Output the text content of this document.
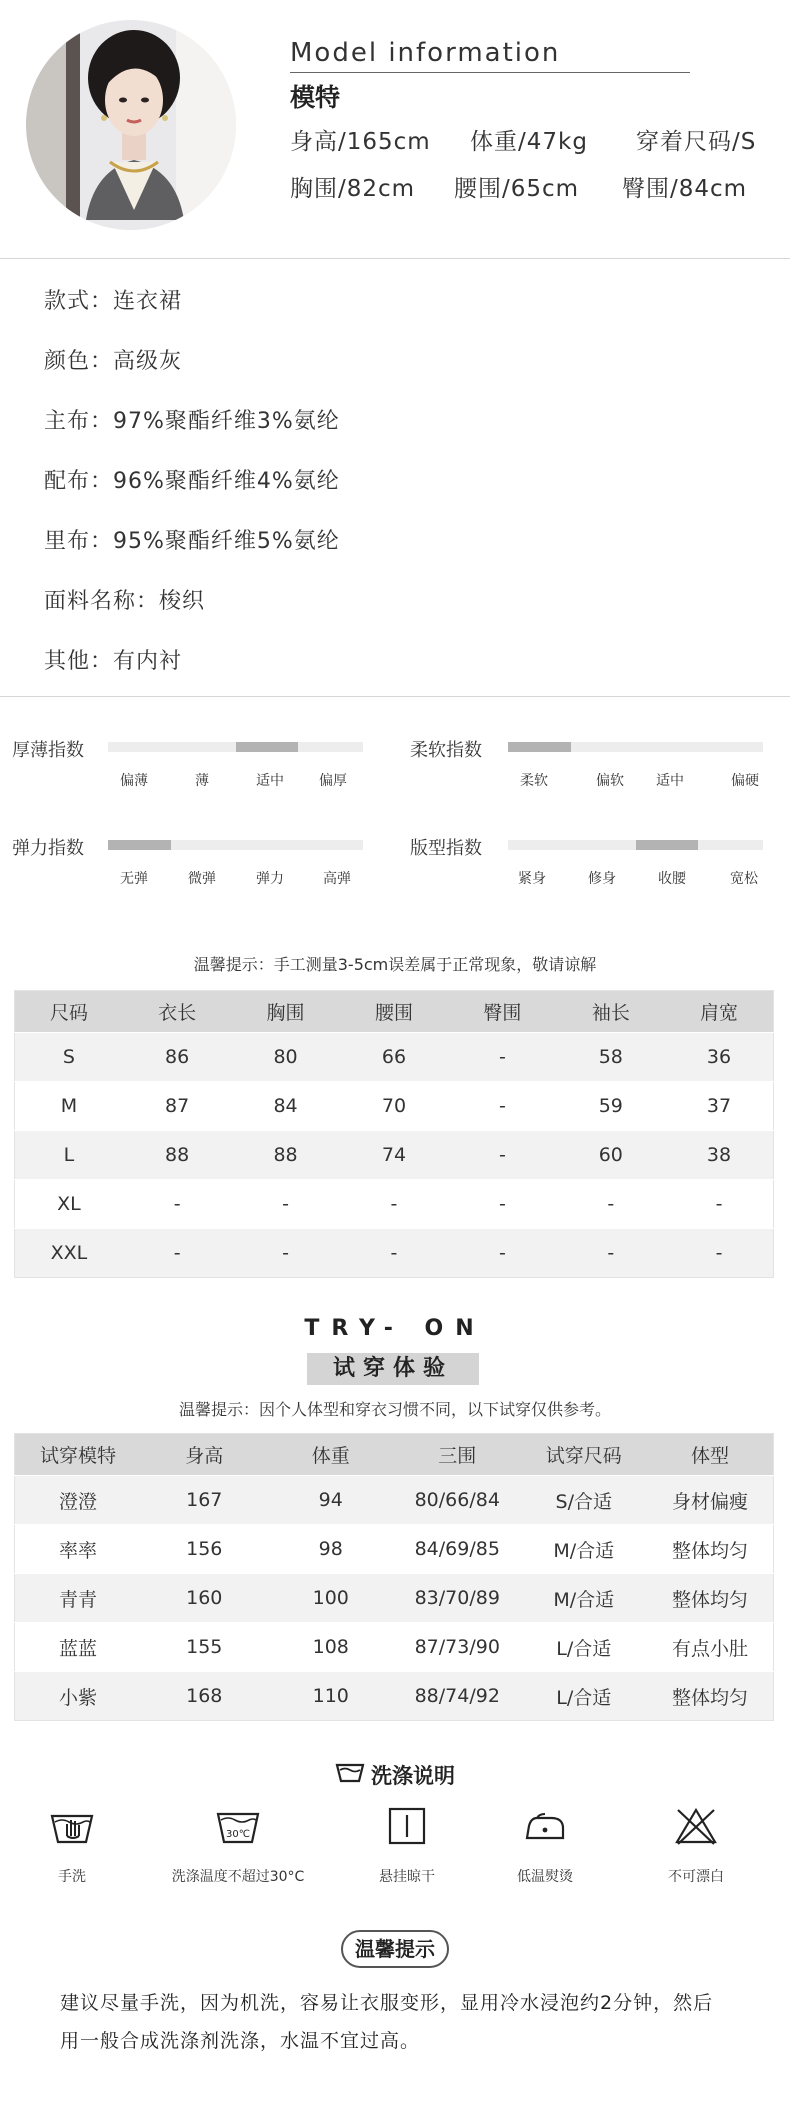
Model information
模特
身高/165cm 体重/47kg 穿着尺码/S
胸围/82cm 腰围/65cm 臀围/84cm
款式：连衣裙
颜色：高级灰
主布：97%聚酯纤维3%氨纶
配布：96%聚酯纤维4%氨纶
里布：95%聚酯纤维5%氨纶
面料名称：梭织
其他：有内衬
厚薄指数
偏薄	薄	适中	偏厚
柔软指数
柔软	偏软 适中	偏硬
弹力指数
无弹	微弹	弹力	高弹
版型指数
紧身	修身	收腰	宽松
温馨提示：手工测量3-5cm误差属于正常现象，敬请谅解
尺码	衣长	胸围	腰围	臀围	袖长	肩宽
S	86	80	66	-	58	36
M	87	84	70	-	59	37
L	88	88	74	-	60	38
XL	-	-	-	-	-	-
XXL	-	-	-	-	-	-
TRY- ON
试穿体验
温馨提示：因个人体型和穿衣习惯不同，以下试穿仅供参考。
试穿模特	身高	体重	三围	试穿尺码	体型
澄澄	167	94	80/66/84	S/合适	身材偏瘦
率率	156	98	84/69/85	M/合适	整体均匀
青青	160	100	83/70/89	M/合适	整体均匀
蓝蓝	155	108	87/73/90	L/合适	有点小肚
小紫	168	110	88/74/92	L/合适	整体均匀
洗涤说明
手洗
30℃
洗涤温度不超过30°C	悬挂晾干	低温熨烫	不可漂白
温馨提示
建议尽量手洗，因为机洗，容易让衣服变形，显用冷水浸泡约2分钟，然后
用一般合成洗涤剂洗涤，水温不宜过高。
